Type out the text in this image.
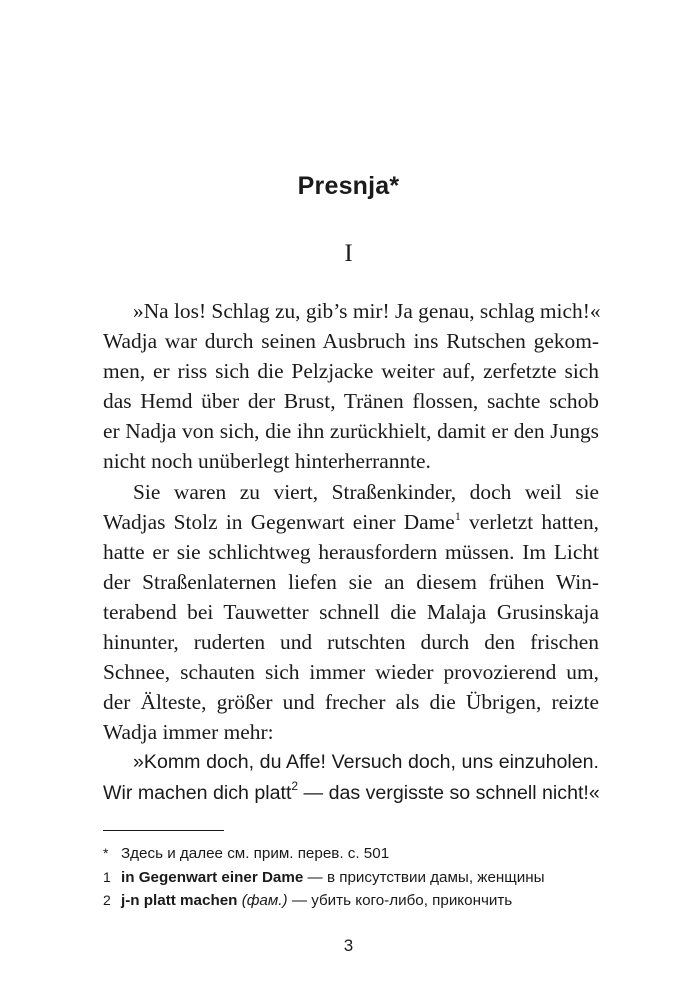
Presnja*
I

»Na los! Schlag zu, gib’s mir! Ja genau, schlag mich!«
Wadja war durch seinen Ausbruch ins Rutschen gekom-
men, er riss sich die Pelzjacke weiter auf, zerfetzte sich
das Hemd über der Brust, Tränen flossen, sachte schob
er Nadja von sich, die ihn zurückhielt, damit er den Jungs
nicht noch unüberlegt hinterherrannte.

Sie waren zu viert, Straßenkinder, doch weil sie
Wadjas Stolz in Gegenwart einer Dame$^1$ verletzt hatten,
hatte er sie schlichtweg herausfordern müssen. Im Licht
der Straßenlaternen liefen sie an diesem frühen Win-
terabend bei Tauwetter schnell die Malaja Grusinskaja
hinunter, ruderten und rutschten durch den frischen
Schnee, schauten sich immer wieder provozierend um,
der Älteste, größer und frecher als die Übrigen, reizte
Wadja immer mehr:

»Komm doch, du Affe! Versuch doch, uns einzuholen.
Wir machen dich platt$^2$ — das vergisste so schnell nicht!«

* Здесь и далее см. прим. перев. с. 501
1 in Gegenwart einer Dame — в присутствии дамы, женщины
2 j-n platt machen (фам.) — убить кого-либо, прикончить
3
